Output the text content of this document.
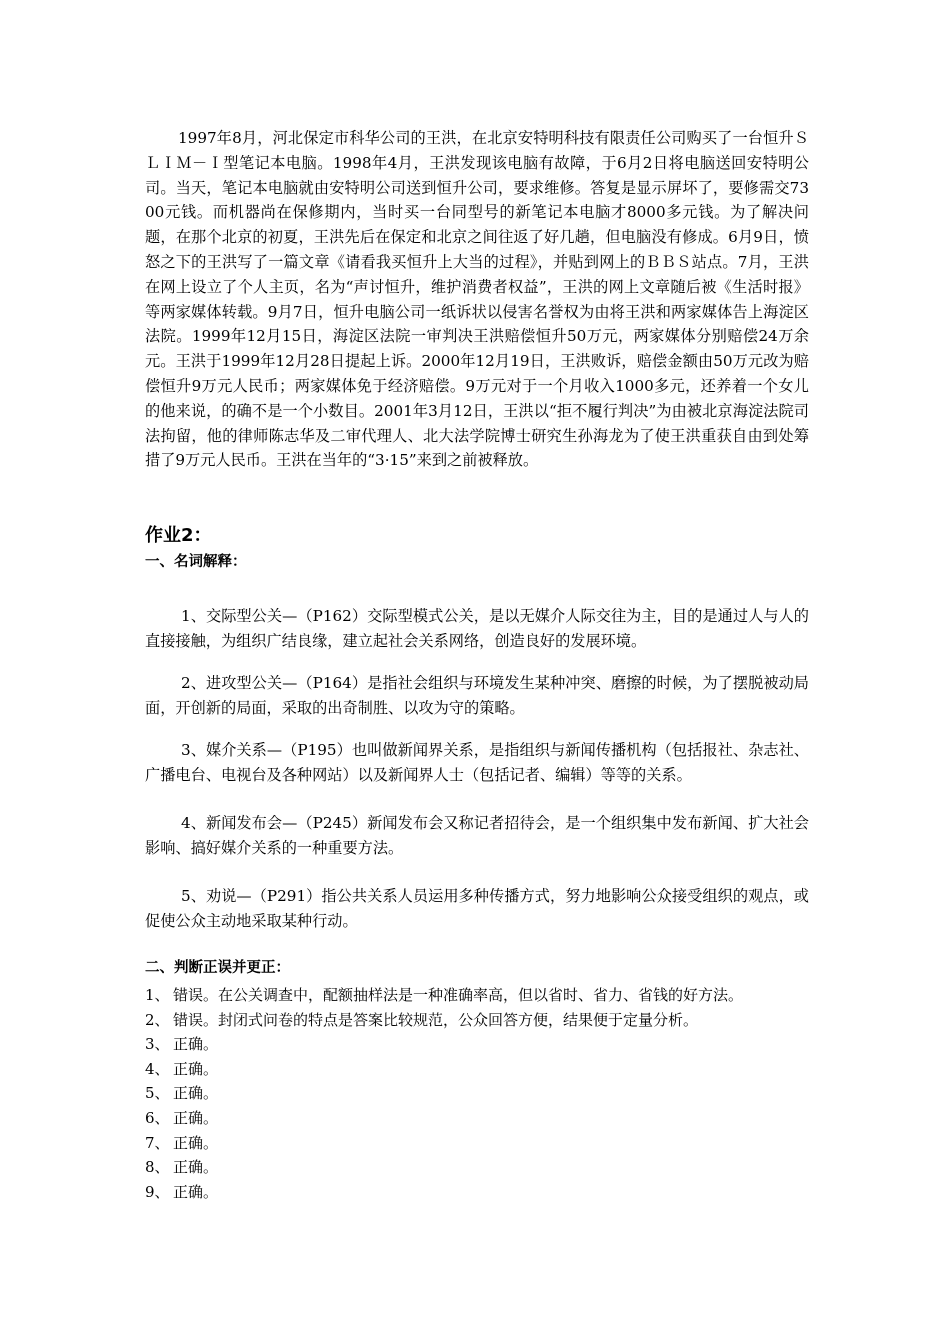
1997年8月，河北保定市科华公司的王洪，在北京安特明科技有限责任公司购买了一台恒升ＳＬＩＭ－Ｉ型笔记本电脑。1998年4月，王洪发现该电脑有故障，于6月2日将电脑送回安特明公司。当天，笔记本电脑就由安特明公司送到恒升公司，要求维修。答复是显示屏坏了，要修需交7300元钱。而机器尚在保修期内，当时买一台同型号的新笔记本电脑才8000多元钱。为了解决问题，在那个北京的初夏，王洪先后在保定和北京之间往返了好几趟，但电脑没有修成。6月9日，愤怒之下的王洪写了一篇文章《请看我买恒升上大当的过程》，并贴到网上的ＢＢＳ站点。7月，王洪在网上设立了个人主页，名为“声讨恒升，维护消费者权益”，王洪的网上文章随后被《生活时报》等两家媒体转载。9月7日，恒升电脑公司一纸诉状以侵害名誉权为由将王洪和两家媒体告上海淀区法院。1999年12月15日，海淀区法院一审判决王洪赔偿恒升50万元，两家媒体分别赔偿24万余元。王洪于1999年12月28日提起上诉。2000年12月19日，王洪败诉，赔偿金额由50万元改为赔偿恒升9万元人民币；两家媒体免于经济赔偿。9万元对于一个月收入1000多元，还养着一个女儿的他来说，的确不是一个小数目。2001年3月12日，王洪以“拒不履行判决”为由被北京海淀法院司法拘留，他的律师陈志华及二审代理人、北大法学院博士研究生孙海龙为了使王洪重获自由到处筹措了9万元人民币。王洪在当年的“3·15”来到之前被释放。

作业2：
一、名词解释：

1、交际型公关—（P162）交际型模式公关，是以无媒介人际交往为主，目的是通过人与人的直接接触，为组织广结良缘，建立起社会关系网络，创造良好的发展环境。

2、进攻型公关—（P164）是指社会组织与环境发生某种冲突、磨擦的时候，为了摆脱被动局面，开创新的局面，采取的出奇制胜、以攻为守的策略。

3、媒介关系—（P195）也叫做新闻界关系，是指组织与新闻传播机构（包括报社、杂志社、广播电台、电视台及各种网站）以及新闻界人士（包括记者、编辑）等等的关系。

4、新闻发布会—（P245）新闻发布会又称记者招待会，是一个组织集中发布新闻、扩大社会影响、搞好媒介关系的一种重要方法。

5、劝说—（P291）指公共关系人员运用多种传播方式，努力地影响公众接受组织的观点，或促使公众主动地采取某种行动。

二、判断正误并更正：
1、 错误。在公关调查中，配额抽样法是一种准确率高，但以省时、省力、省钱的好方法。
2、 错误。封闭式问卷的特点是答案比较规范，公众回答方便，结果便于定量分析。
3、 正确。
4、 正确。
5、 正确。
6、 正确。
7、 正确。
8、 正确。
9、 正确。
